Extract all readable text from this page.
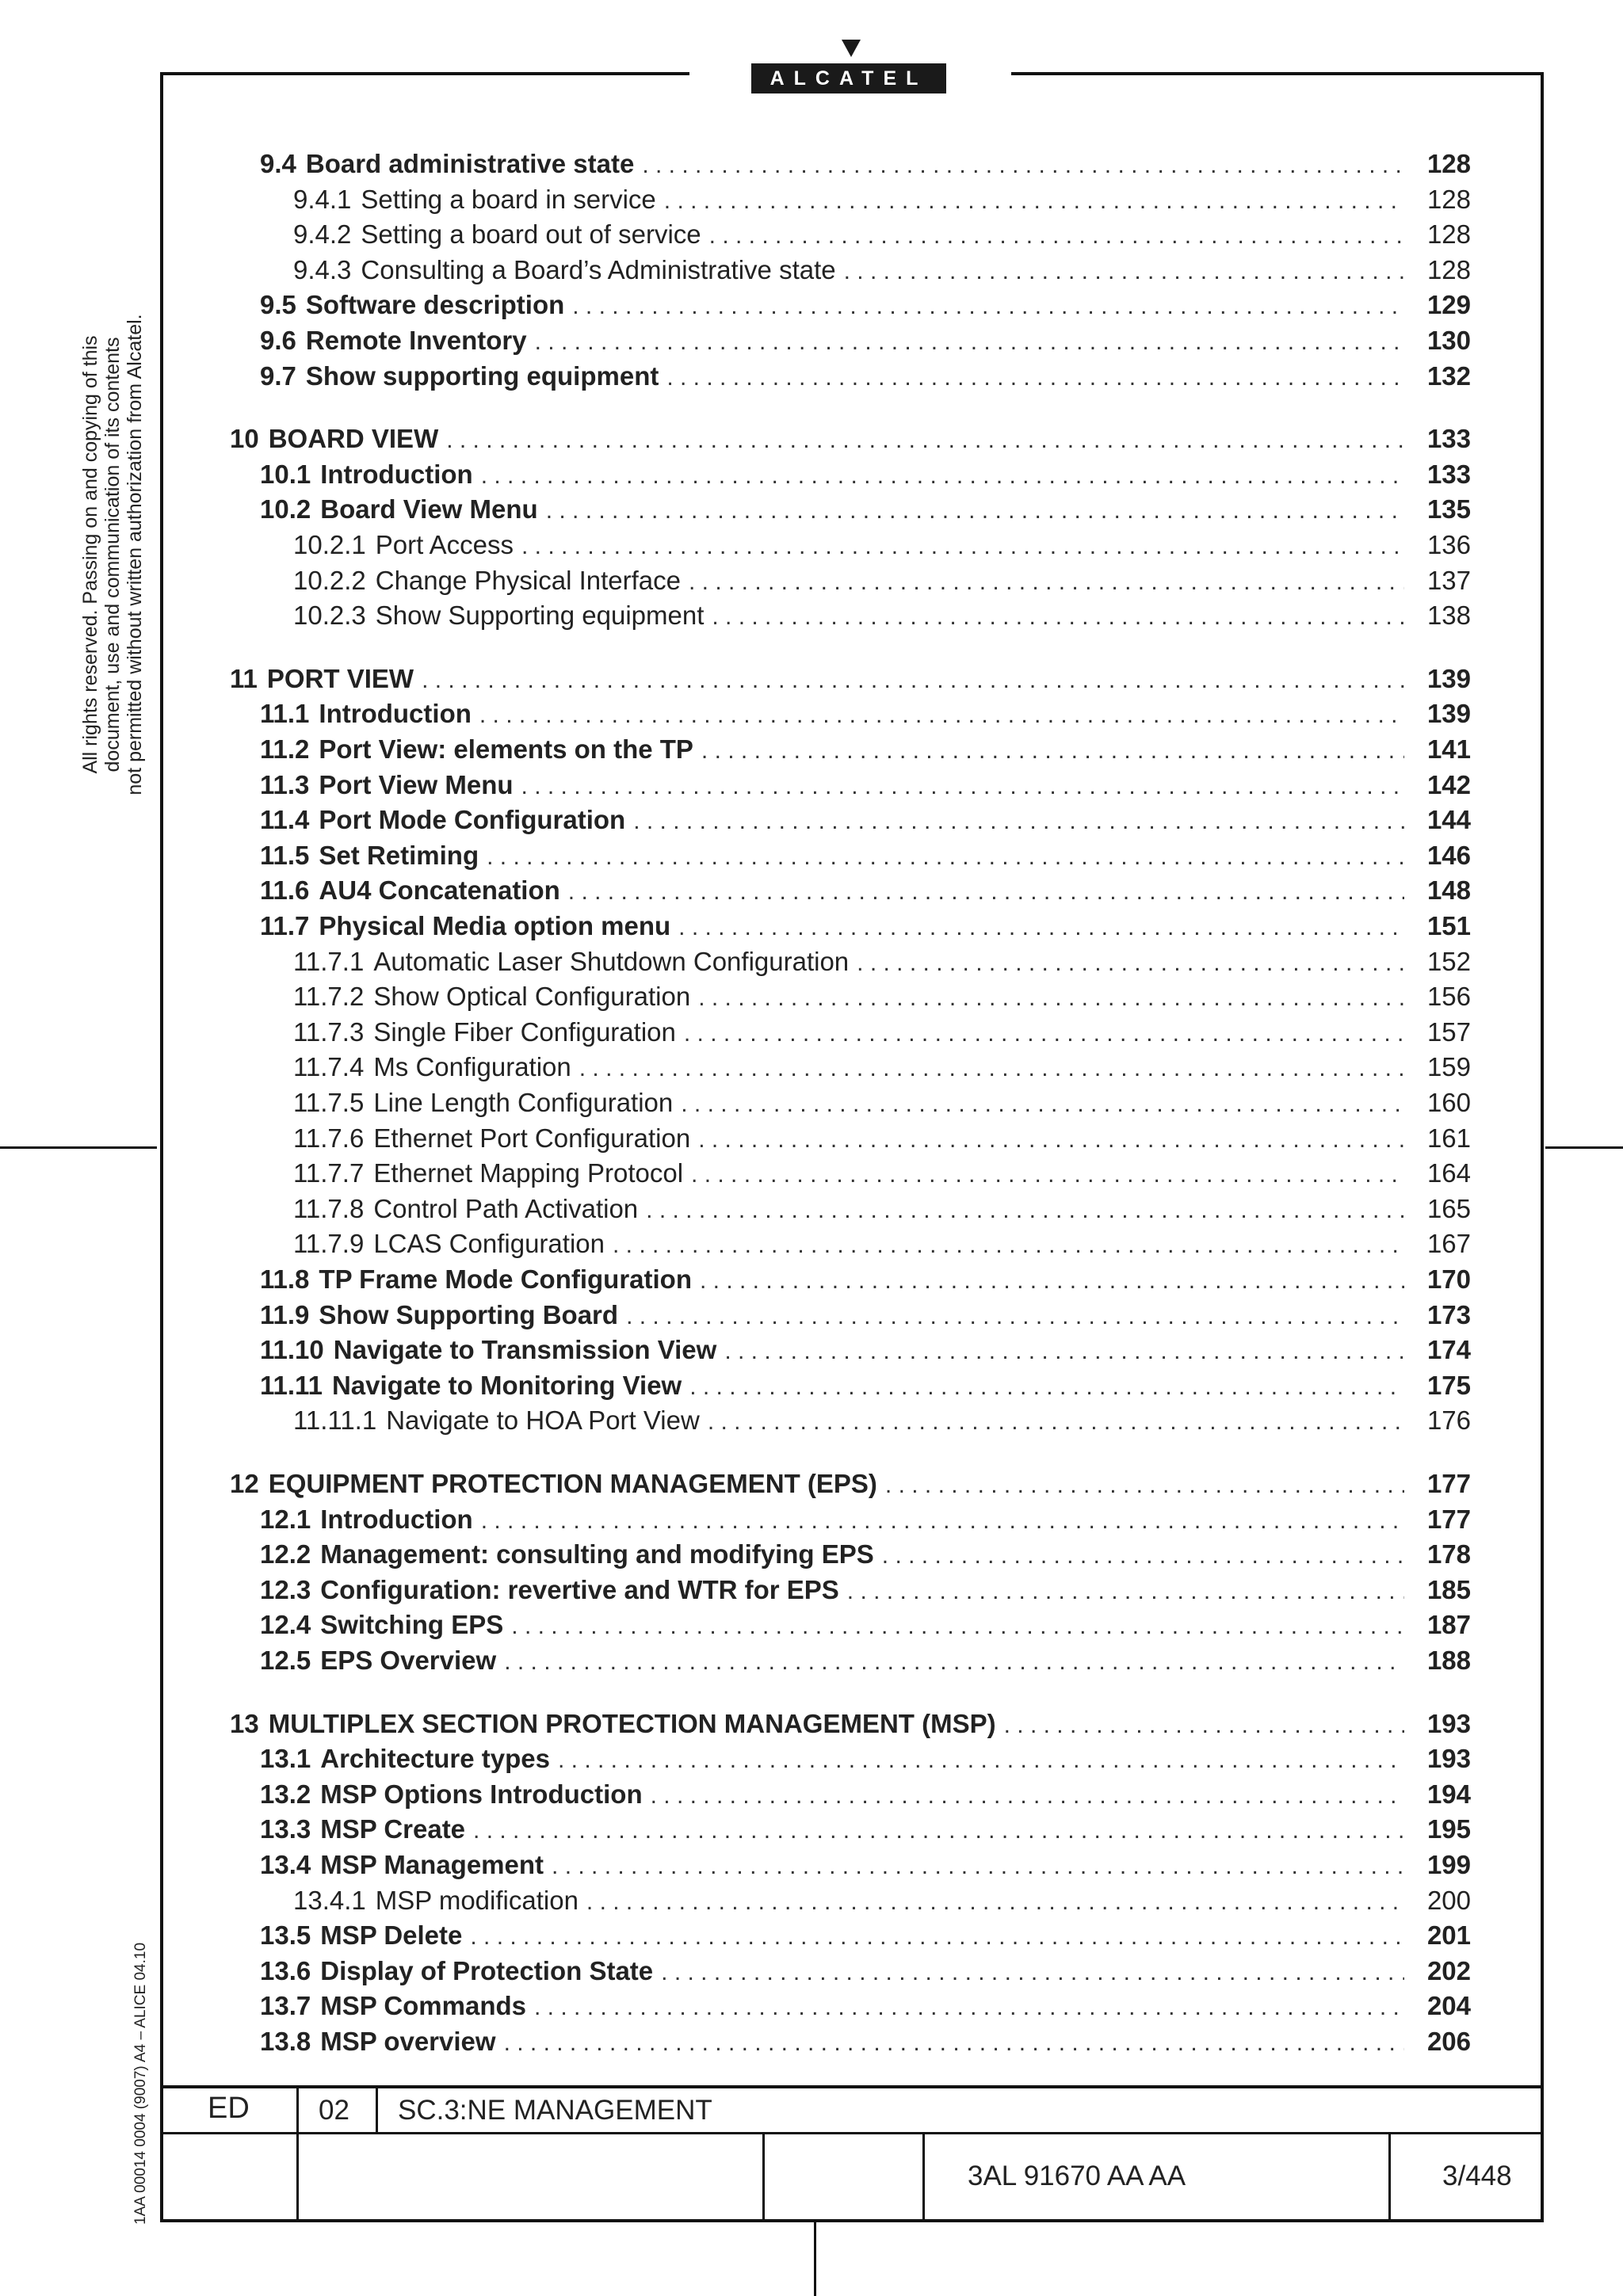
ALCATEL
All rights reserved. Passing on and copying of this document, use and communication of its contents not permitted without written authorization from Alcatel.
1AA 00014 0004 (9007) A4 – ALICE 04.10
9.4 Board administrative state . . .	128
9.4.1 Setting a board in service . . .	128
9.4.2 Setting a board out of service . . .	128
9.4.3 Consulting a Board’s Administrative state . . .	128
9.5 Software description . . .	129
9.6 Remote Inventory . . .	130
9.7 Show supporting equipment . . .	132
10 BOARD VIEW . . .	133
10.1 Introduction . . .	133
10.2 Board View Menu . . .	135
10.2.1 Port Access . . .	136
10.2.2 Change Physical Interface . . .	137
10.2.3 Show Supporting equipment . . .	138
11 PORT VIEW . . .	139
11.1 Introduction . . .	139
11.2 Port View: elements on the TP . . .	141
11.3 Port View Menu . . .	142
11.4 Port Mode Configuration . . .	144
11.5 Set Retiming . . .	146
11.6 AU4 Concatenation . . .	148
11.7 Physical Media option menu . . .	151
11.7.1 Automatic Laser Shutdown Configuration . . .	152
11.7.2 Show Optical Configuration . . .	156
11.7.3 Single Fiber Configuration . . .	157
11.7.4 Ms Configuration . . .	159
11.7.5 Line Length Configuration . . .	160
11.7.6 Ethernet Port Configuration . . .	161
11.7.7 Ethernet Mapping Protocol . . .	164
11.7.8 Control Path Activation . . .	165
11.7.9 LCAS Configuration . . .	167
11.8 TP Frame Mode Configuration . . .	170
11.9 Show Supporting Board . . .	173
11.10 Navigate to Transmission View . . .	174
11.11 Navigate to Monitoring View . . .	175
11.11.1 Navigate to HOA Port View . . .	176
12 EQUIPMENT PROTECTION MANAGEMENT (EPS) . . .	177
12.1 Introduction . . .	177
12.2 Management: consulting and modifying EPS . . .	178
12.3 Configuration: revertive and WTR for EPS . . .	185
12.4 Switching EPS . . .	187
12.5 EPS Overview . . .	188
13 MULTIPLEX SECTION PROTECTION MANAGEMENT (MSP) . . .	193
13.1 Architecture types . . .	193
13.2 MSP Options Introduction . . .	194
13.3 MSP Create . . .	195
13.4 MSP Management . . .	199
13.4.1 MSP modification . . .	200
13.5 MSP Delete . . .	201
13.6 Display of Protection State . . .	202
13.7 MSP Commands . . .	204
13.8 MSP overview . . .	206
ED 02 SC.3:NE MANAGEMENT
3AL 91670 AA AA	3/448
